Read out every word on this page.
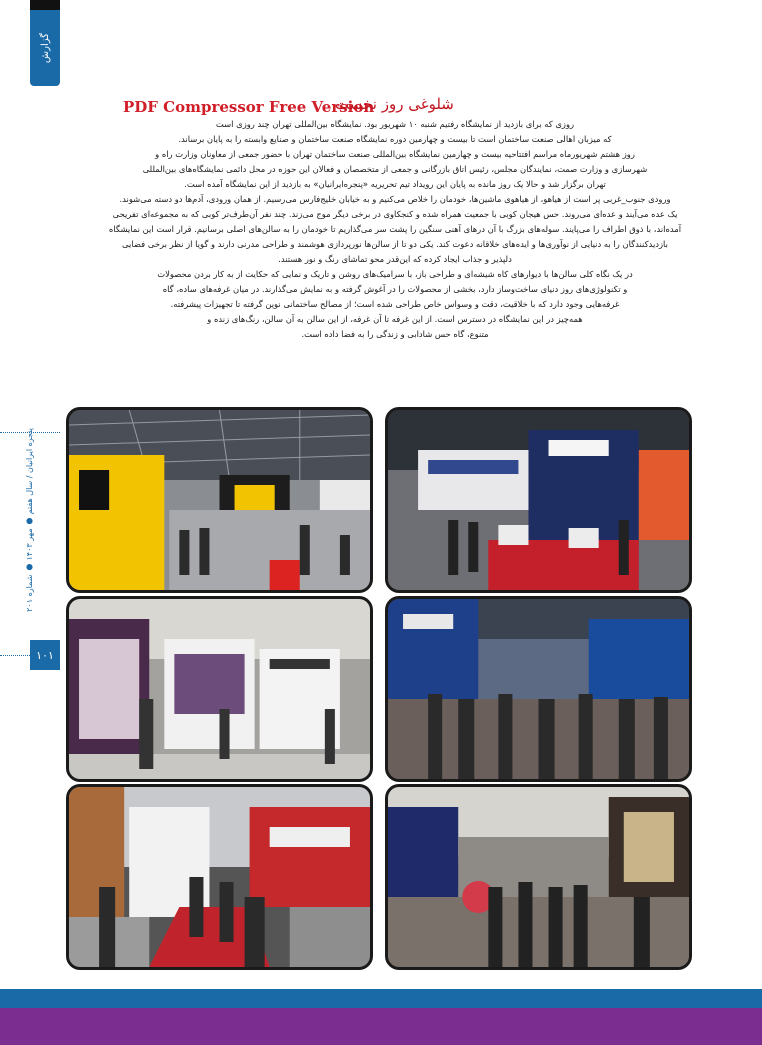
گزارش
PDF Compressor Free Version
شلوغی روز نخست

روزی که برای بازدید از نمایشگاه رفتیم شنبه ۱۰ شهریور بود. نمایشگاه بین‌المللی تهران چند روزی است

که میزبان اهالی صنعت ساختمان است تا بیست و چهارمین دوره نمایشگاه صنعت ساختمان و صنایع وابسته را به پایان برساند.

روز هشتم شهریورماه مراسم افتتاحیه بیست و چهارمین نمایشگاه بین‌المللی صنعت ساختمان تهران با حضور جمعی از معاونان وزارت راه و

شهرسازی و وزارت صمت، نمایندگان مجلس، رئیس اتاق بازرگانی و جمعی از متخصصان و فعالان این حوزه در محل دائمی نمایشگاه‌های بین‌المللی

تهران برگزار شد و حالا یک روز مانده به پایان این رویداد تیم تحریریه «پنجره‌ایرانیان» به بازدید از این نمایشگاه آمده است.

ورودی جنوب_غربی پر است از هیاهو، از هیاهوی ماشین‌ها، خودمان را خلاص می‌کنیم و به خیابان خلیج‌فارس می‌رسیم. از همان ورودی، آدم‌ها دو دسته می‌شوند.

یک عده می‌آیند و عده‌ای می‌روند. حس هیجان کوبی با جمعیت همراه شده و کنجکاوی در برخی دیگر موج می‌زند. چند نفر آن‌طرف‌تر کوبی که به مجموعه‌ای تفریحی

آمده‌اند، با ذوق اطراف را می‌پایند. سوله‌های بزرگ با آن درهای آهنی سنگین را پشت سر می‌گذاریم تا خودمان را به سالن‌های اصلی برسانیم. قرار است این نمایشگاه

بازدیدکنندگان را به دنیایی از نوآوری‌ها و ایده‌های خلاقانه دعوت کند. یکی دو تا از سالن‌ها نورپردازی هوشمند و طراحی مدرنی دارند و گویا از نظر برخی فضایی

دلپذیر و جذاب ایجاد کرده که این‌قدر محو تماشای رنگ و نور هستند.

در یک نگاه کلی سالن‌ها با دیوارهای کاه شیشه‌ای و طراحی باز، با سرامیک‌های روشن و تاریک و نمایی که حکایت از به کار بردن محصولات

و تکنولوژی‌های روز دنیای ساخت‌وساز دارد، بخشی از محصولات را در آغوش گرفته و به نمایش می‌گذارند. در میان غرفه‌های ساده، گاه

غرفه‌هایی وجود دارد که با خلاقیت، دقت و وسواس خاص طراحی شده است؛ از مصالح ساختمانی نوین گرفته تا تجهیزات پیشرفته.

همه‌چیز در این نمایشگاه در دسترس است. از این غرفه تا آن غرفه، از این سالن به آن سالن، رنگ‌های زنده و

متنوع، گاه حس شادابی و زندگی را به فضا داده است.

پنجره ایرانیان / سال هفتم ● مهر ۱۴۰۳ ● شماره ۲۰۱
۱۰۱
